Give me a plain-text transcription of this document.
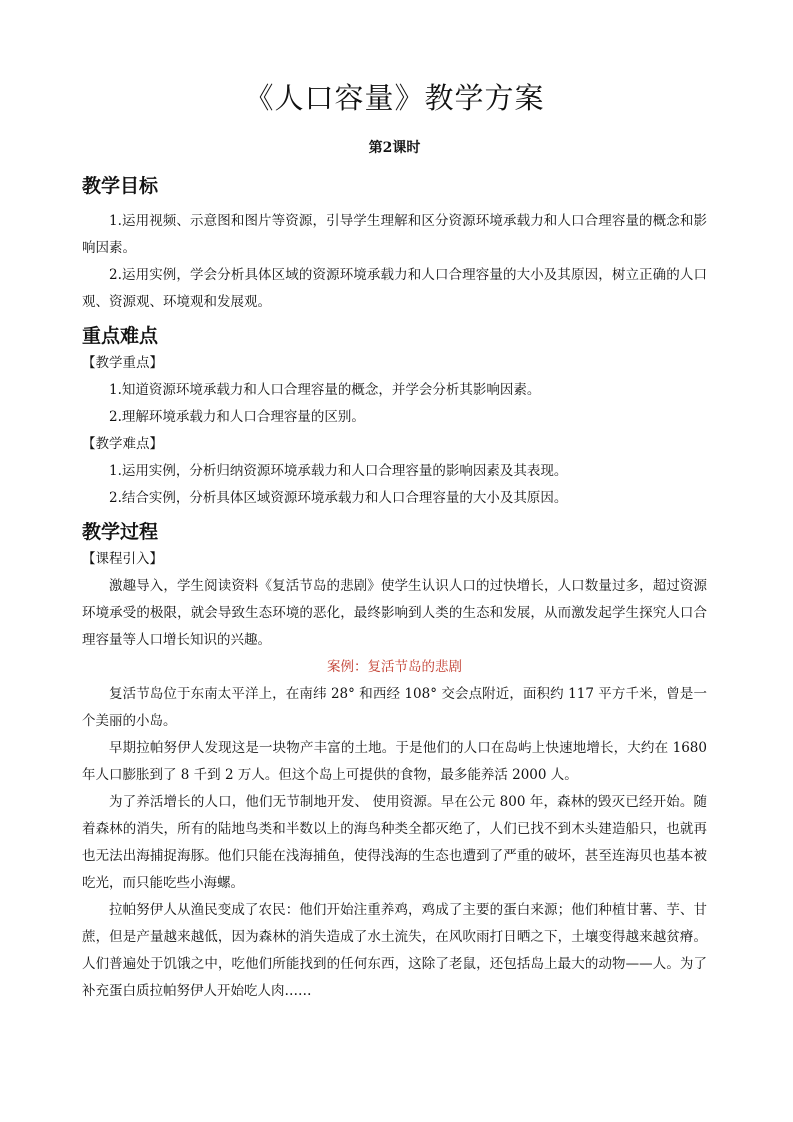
《人口容量》教学方案
第2课时
教学目标

1.运用视频、示意图和图片等资源，引导学生理解和区分资源环境承载力和人口合理容量的概念和影响因素。

2.运用实例，学会分析具体区域的资源环境承载力和人口合理容量的大小及其原因，树立正确的人口观、资源观、环境观和发展观。

重点难点
【教学重点】

1.知道资源环境承载力和人口合理容量的概念，并学会分析其影响因素。

2.理解环境承载力和人口合理容量的区别。

【教学难点】

1.运用实例，分析归纳资源环境承载力和人口合理容量的影响因素及其表现。

2.结合实例，分析具体区域资源环境承载力和人口合理容量的大小及其原因。

教学过程
【课程引入】

激趣导入，学生阅读资料《复活节岛的悲剧》使学生认识人口的过快增长，人口数量过多，超过资源环境承受的极限，就会导致生态环境的恶化，最终影响到人类的生态和发展，从而激发起学生探究人口合理容量等人口增长知识的兴趣。

案例：复活节岛的悲剧

复活节岛位于东南太平洋上，在南纬 28° 和西经 108° 交会点附近，面积约 117 平方千米，曾是一个美丽的小岛。

早期拉帕努伊人发现这是一块物产丰富的土地。于是他们的人口在岛屿上快速地增长，大约在 1680 年人口膨胀到了 8 千到 2 万人。但这个岛上可提供的食物，最多能养活 2000 人。

为了养活增长的人口，他们无节制地开发、 使用资源。早在公元 800 年，森林的毁灭已经开始。随着森林的消失，所有的陆地鸟类和半数以上的海鸟种类全都灭绝了，人们已找不到木头建造船只，也就再也无法出海捕捉海豚。他们只能在浅海捕鱼，使得浅海的生态也遭到了严重的破坏，甚至连海贝也基本被吃光，而只能吃些小海螺。

拉帕努伊人从渔民变成了农民：他们开始注重养鸡，鸡成了主要的蛋白来源；他们种植甘薯、芋、甘蔗，但是产量越来越低，因为森林的消失造成了水土流失，在风吹雨打日晒之下，土壤变得越来越贫瘠。人们普遍处于饥饿之中，吃他们所能找到的任何东西，这除了老鼠，还包括岛上最大的动物——人。为了补充蛋白质拉帕努伊人开始吃人肉……
